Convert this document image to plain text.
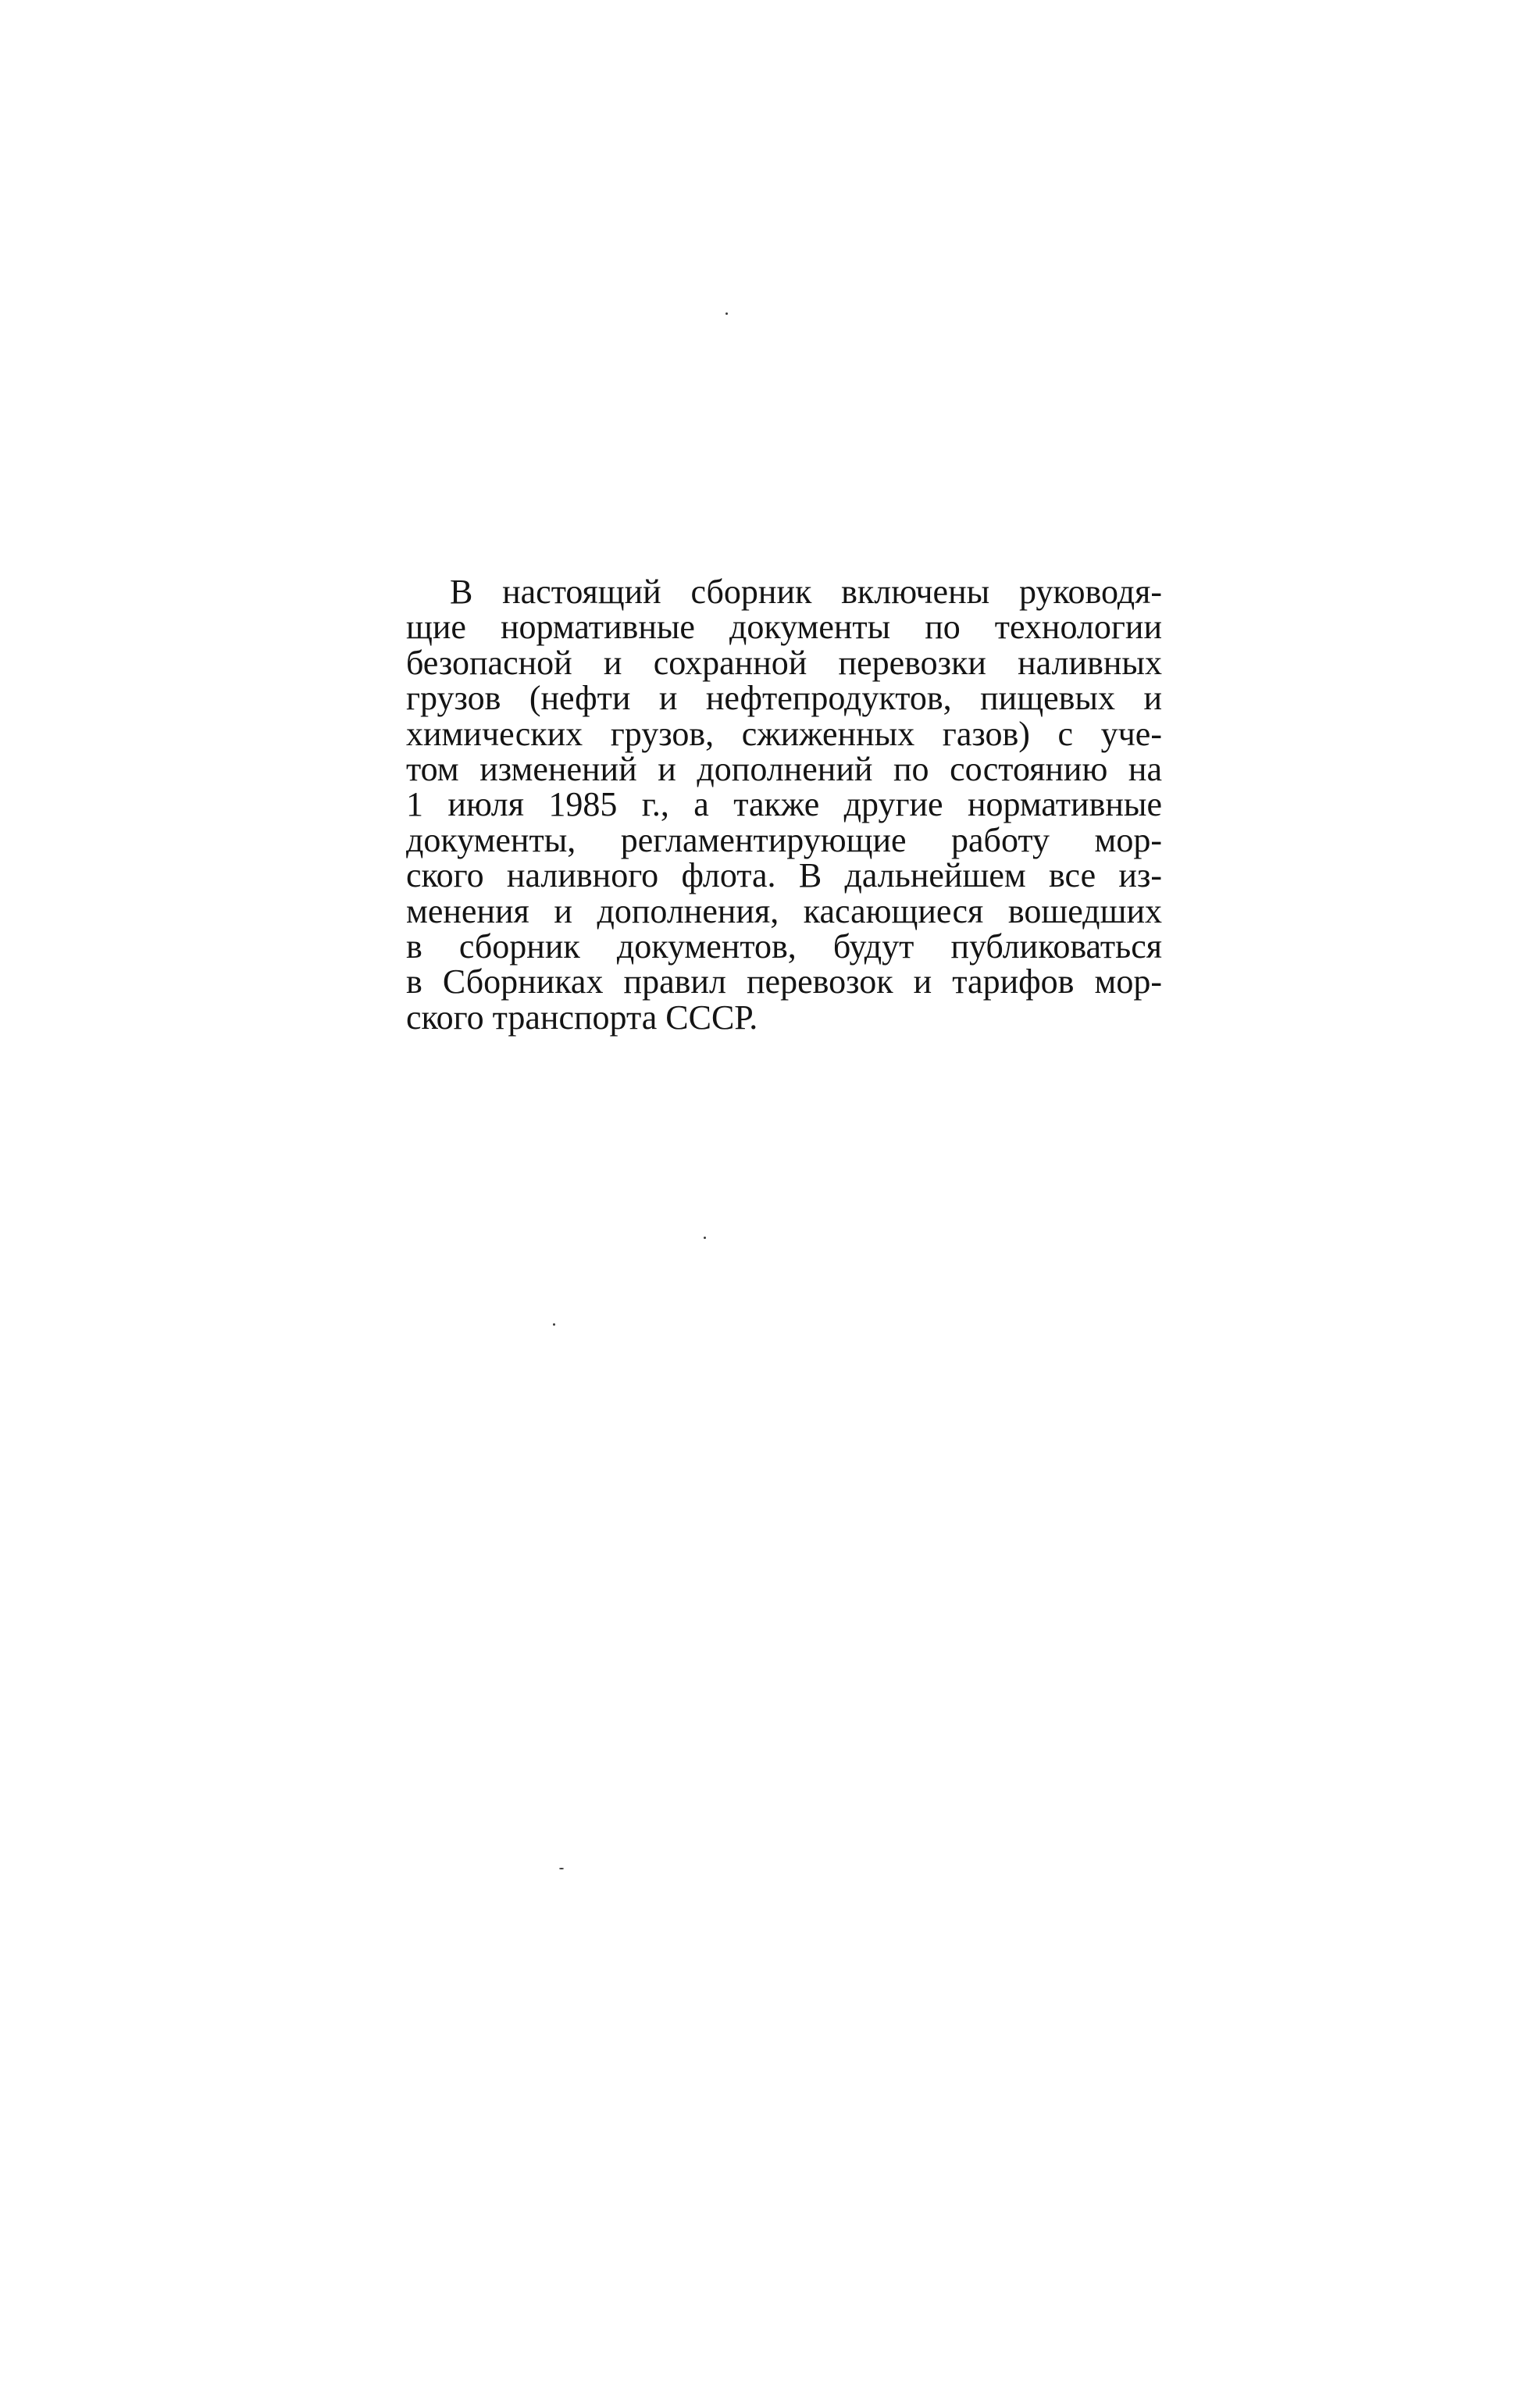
В настоящий сборник включены руководя-
щие нормативные документы по технологии
безопасной и сохранной перевозки наливных
грузов (нефти и нефтепродуктов, пищевых и
химических грузов, сжиженных газов) с уче-
том изменений и дополнений по состоянию на
1 июля 1985 г., а также другие нормативные
документы, регламентирующие работу мор-
ского наливного флота. В дальнейшем все из-
менения и дополнения, касающиеся вошедших
в сборник документов, будут публиковаться
в Сборниках правил перевозок и тарифов мор-
ского транспорта СССР.
